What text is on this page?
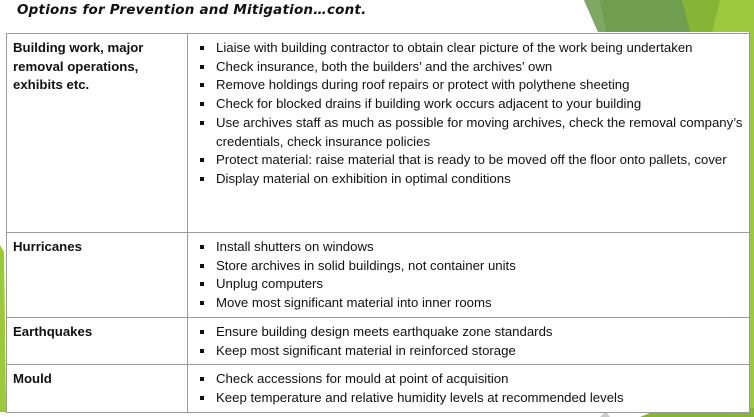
Options for Prevention and Mitigation…cont.
Building work, major removal operations, exhibits etc.	
Liaise with building contractor to obtain clear picture of the work being undertaken
Check insurance, both the builders’ and the archives’ own
Remove holdings during roof repairs or protect with polythene sheeting
Check for blocked drains if building work occurs adjacent to your building
Use archives staff as much as possible for moving archives, check the removal company’s credentials, check insurance policies
Protect material: raise material that is ready to be moved off the floor onto pallets, cover
Display material on exhibition in optimal conditions

Hurricanes	Install shutters on windows
Store archives in solid buildings, not container units
Unplug computers
Move most significant material into inner rooms

Earthquakes	Ensure building design meets earthquake zone standards
Keep most significant material in reinforced storage

Mould	Check accessions for mould at point of acquisition
Keep temperature and relative humidity levels at recommended levels
